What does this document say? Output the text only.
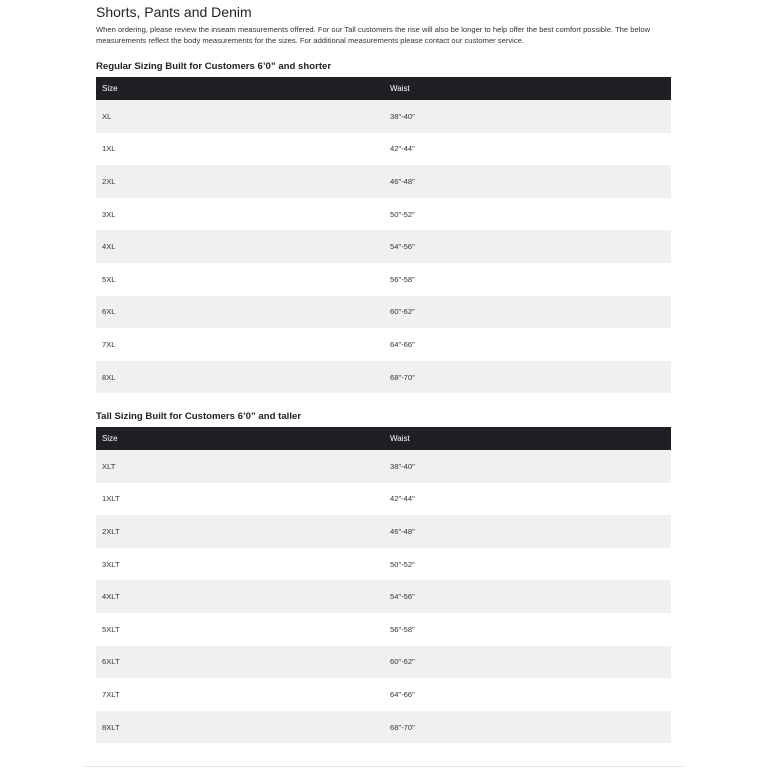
Shorts, Pants and Denim

When ordering, please review the inseam measurements offered. For our Tall customers the rise will also be longer to help offer the best comfort possible. The below measurements reflect the body measurements for the sizes. For additional measurements please contact our customer service.

Regular Sizing Built for Customers 6’0” and shorter
Size	Waist
XL	38"-40"
1XL	42"-44"
2XL	46"-48"
3XL	50"-52"
4XL	54"-56"
5XL	56"-58"
6XL	60"-62"
7XL	64"-66"
8XL	68"-70"
Tall Sizing Built for Customers 6’0” and taller
Size	Waist
XLT	38"-40"
1XLT	42"-44"
2XLT	46"-48"
3XLT	50"-52"
4XLT	54"-56"
5XLT	56"-58"
6XLT	60"-62"
7XLT	64"-66"
8XLT	68"-70"
